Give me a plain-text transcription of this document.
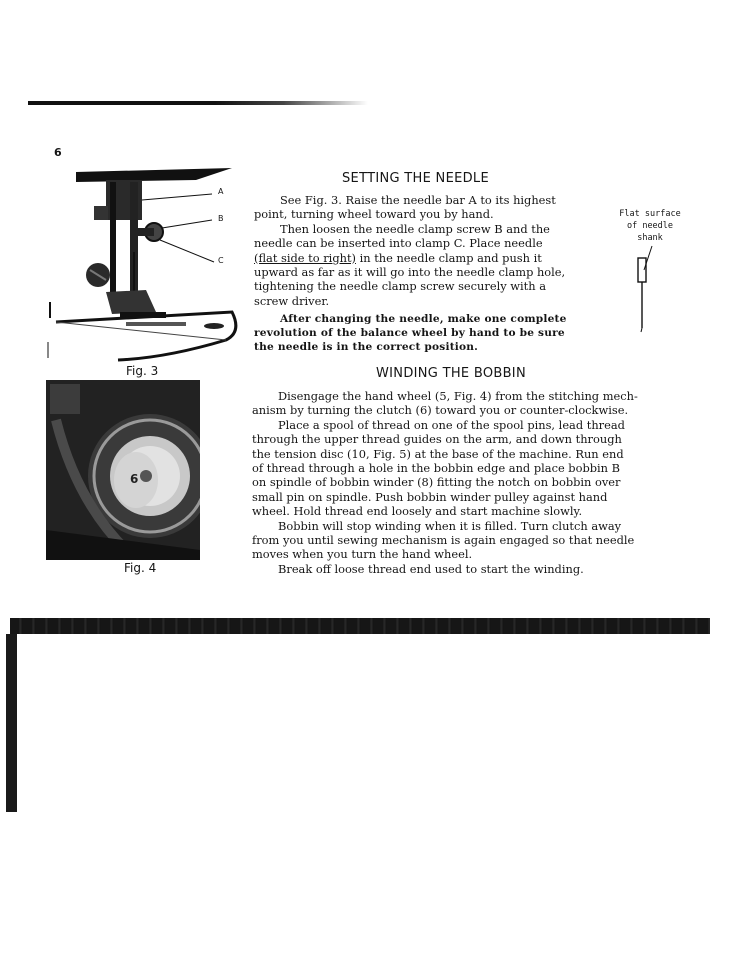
6
A
B
C
Fig. 3
6
Fig. 4
SETTING THE NEEDLE
See Fig. 3. Raise the needle bar A to its highest
point, turning wheel toward you by hand.
Then loosen the needle clamp screw B and the
needle can be inserted into clamp C. Place needle
(flat side to right) in the needle clamp and push it
upward as far as it will go into the needle clamp hole,
tightening the needle clamp screw securely with a
screw driver.
After changing the needle, make one complete
revolution of the balance wheel by hand to be sure
the needle is in the correct position.
Flat surface
of needle
shank
WINDING THE BOBBIN
Disengage the hand wheel (5, Fig. 4) from the stitching mech-
anism by turning the clutch (6) toward you or counter-clockwise.
Place a spool of thread on one of the spool pins, lead thread
through the upper thread guides on the arm, and down through
the tension disc (10, Fig. 5) at the base of the machine. Run end
of thread through a hole in the bobbin edge and place bobbin B
on spindle of bobbin winder (8) fitting the notch on bobbin over
small pin on spindle. Push bobbin winder pulley against hand
wheel. Hold thread end loosely and start machine slowly.
Bobbin will stop winding when it is filled. Turn clutch away
from you until sewing mechanism is again engaged so that needle
moves when you turn the hand wheel.
Break off loose thread end used to start the winding.
